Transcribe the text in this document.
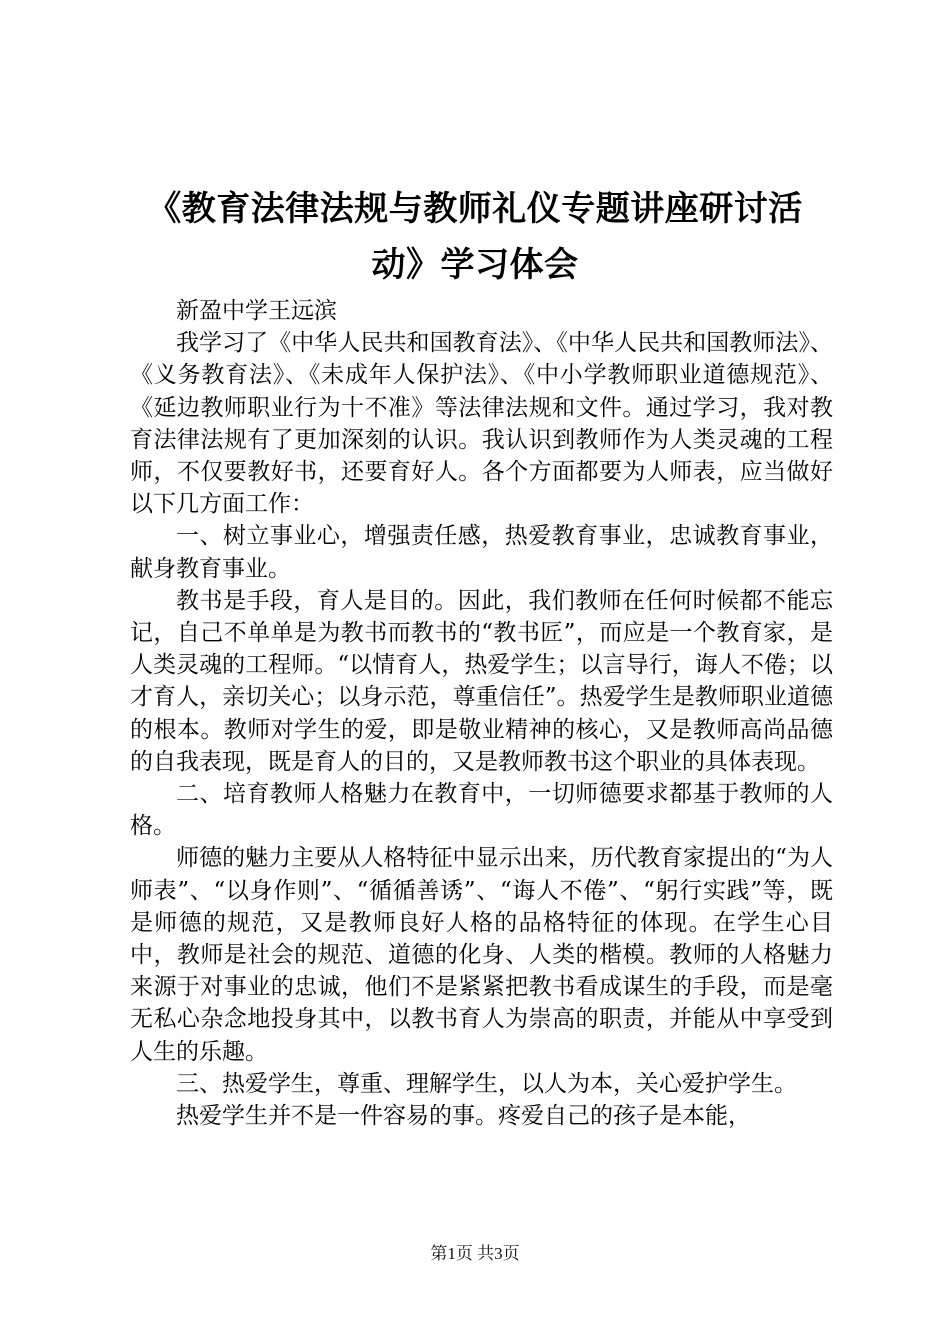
《教育法律法规与教师礼仪专题讲座研讨活
动》学习体会

新盈中学王远滨

我学习了《中华人民共和国教育法》、《中华人民共和国教师法》、《义务教育法》、《未成年人保护法》、《中小学教师职业道德规范》、《延边教师职业行为十不准》等法律法规和文件。通过学习，我对教育法律法规有了更加深刻的认识。我认识到教师作为人类灵魂的工程师，不仅要教好书，还要育好人。各个方面都要为人师表，应当做好以下几方面工作：

一、树立事业心，增强责任感，热爱教育事业，忠诚教育事业，献身教育事业。

教书是手段，育人是目的。因此，我们教师在任何时候都不能忘记，自己不单单是为教书而教书的“教书匠”，而应是一个教育家，是人类灵魂的工程师。“以情育人，热爱学生；以言导行，诲人不倦；以才育人，亲切关心；以身示范，尊重信任”。热爱学生是教师职业道德的根本。教师对学生的爱，即是敬业精神的核心，又是教师高尚品德的自我表现，既是育人的目的，又是教师教书这个职业的具体表现。

二、培育教师人格魅力在教育中，一切师德要求都基于教师的人格。

师德的魅力主要从人格特征中显示出来，历代教育家提出的“为人师表”、“以身作则”、“循循善诱”、“诲人不倦”、“躬行实践”等，既是师德的规范，又是教师良好人格的品格特征的体现。在学生心目中，教师是社会的规范、道德的化身、人类的楷模。教师的人格魅力来源于对事业的忠诚，他们不是紧紧把教书看成谋生的手段，而是毫无私心杂念地投身其中，以教书育人为崇高的职责，并能从中享受到人生的乐趣。

三、热爱学生，尊重、理解学生，以人为本，关心爱护学生。

热爱学生并不是一件容易的事。疼爱自己的孩子是本能，

第1页 共3页
